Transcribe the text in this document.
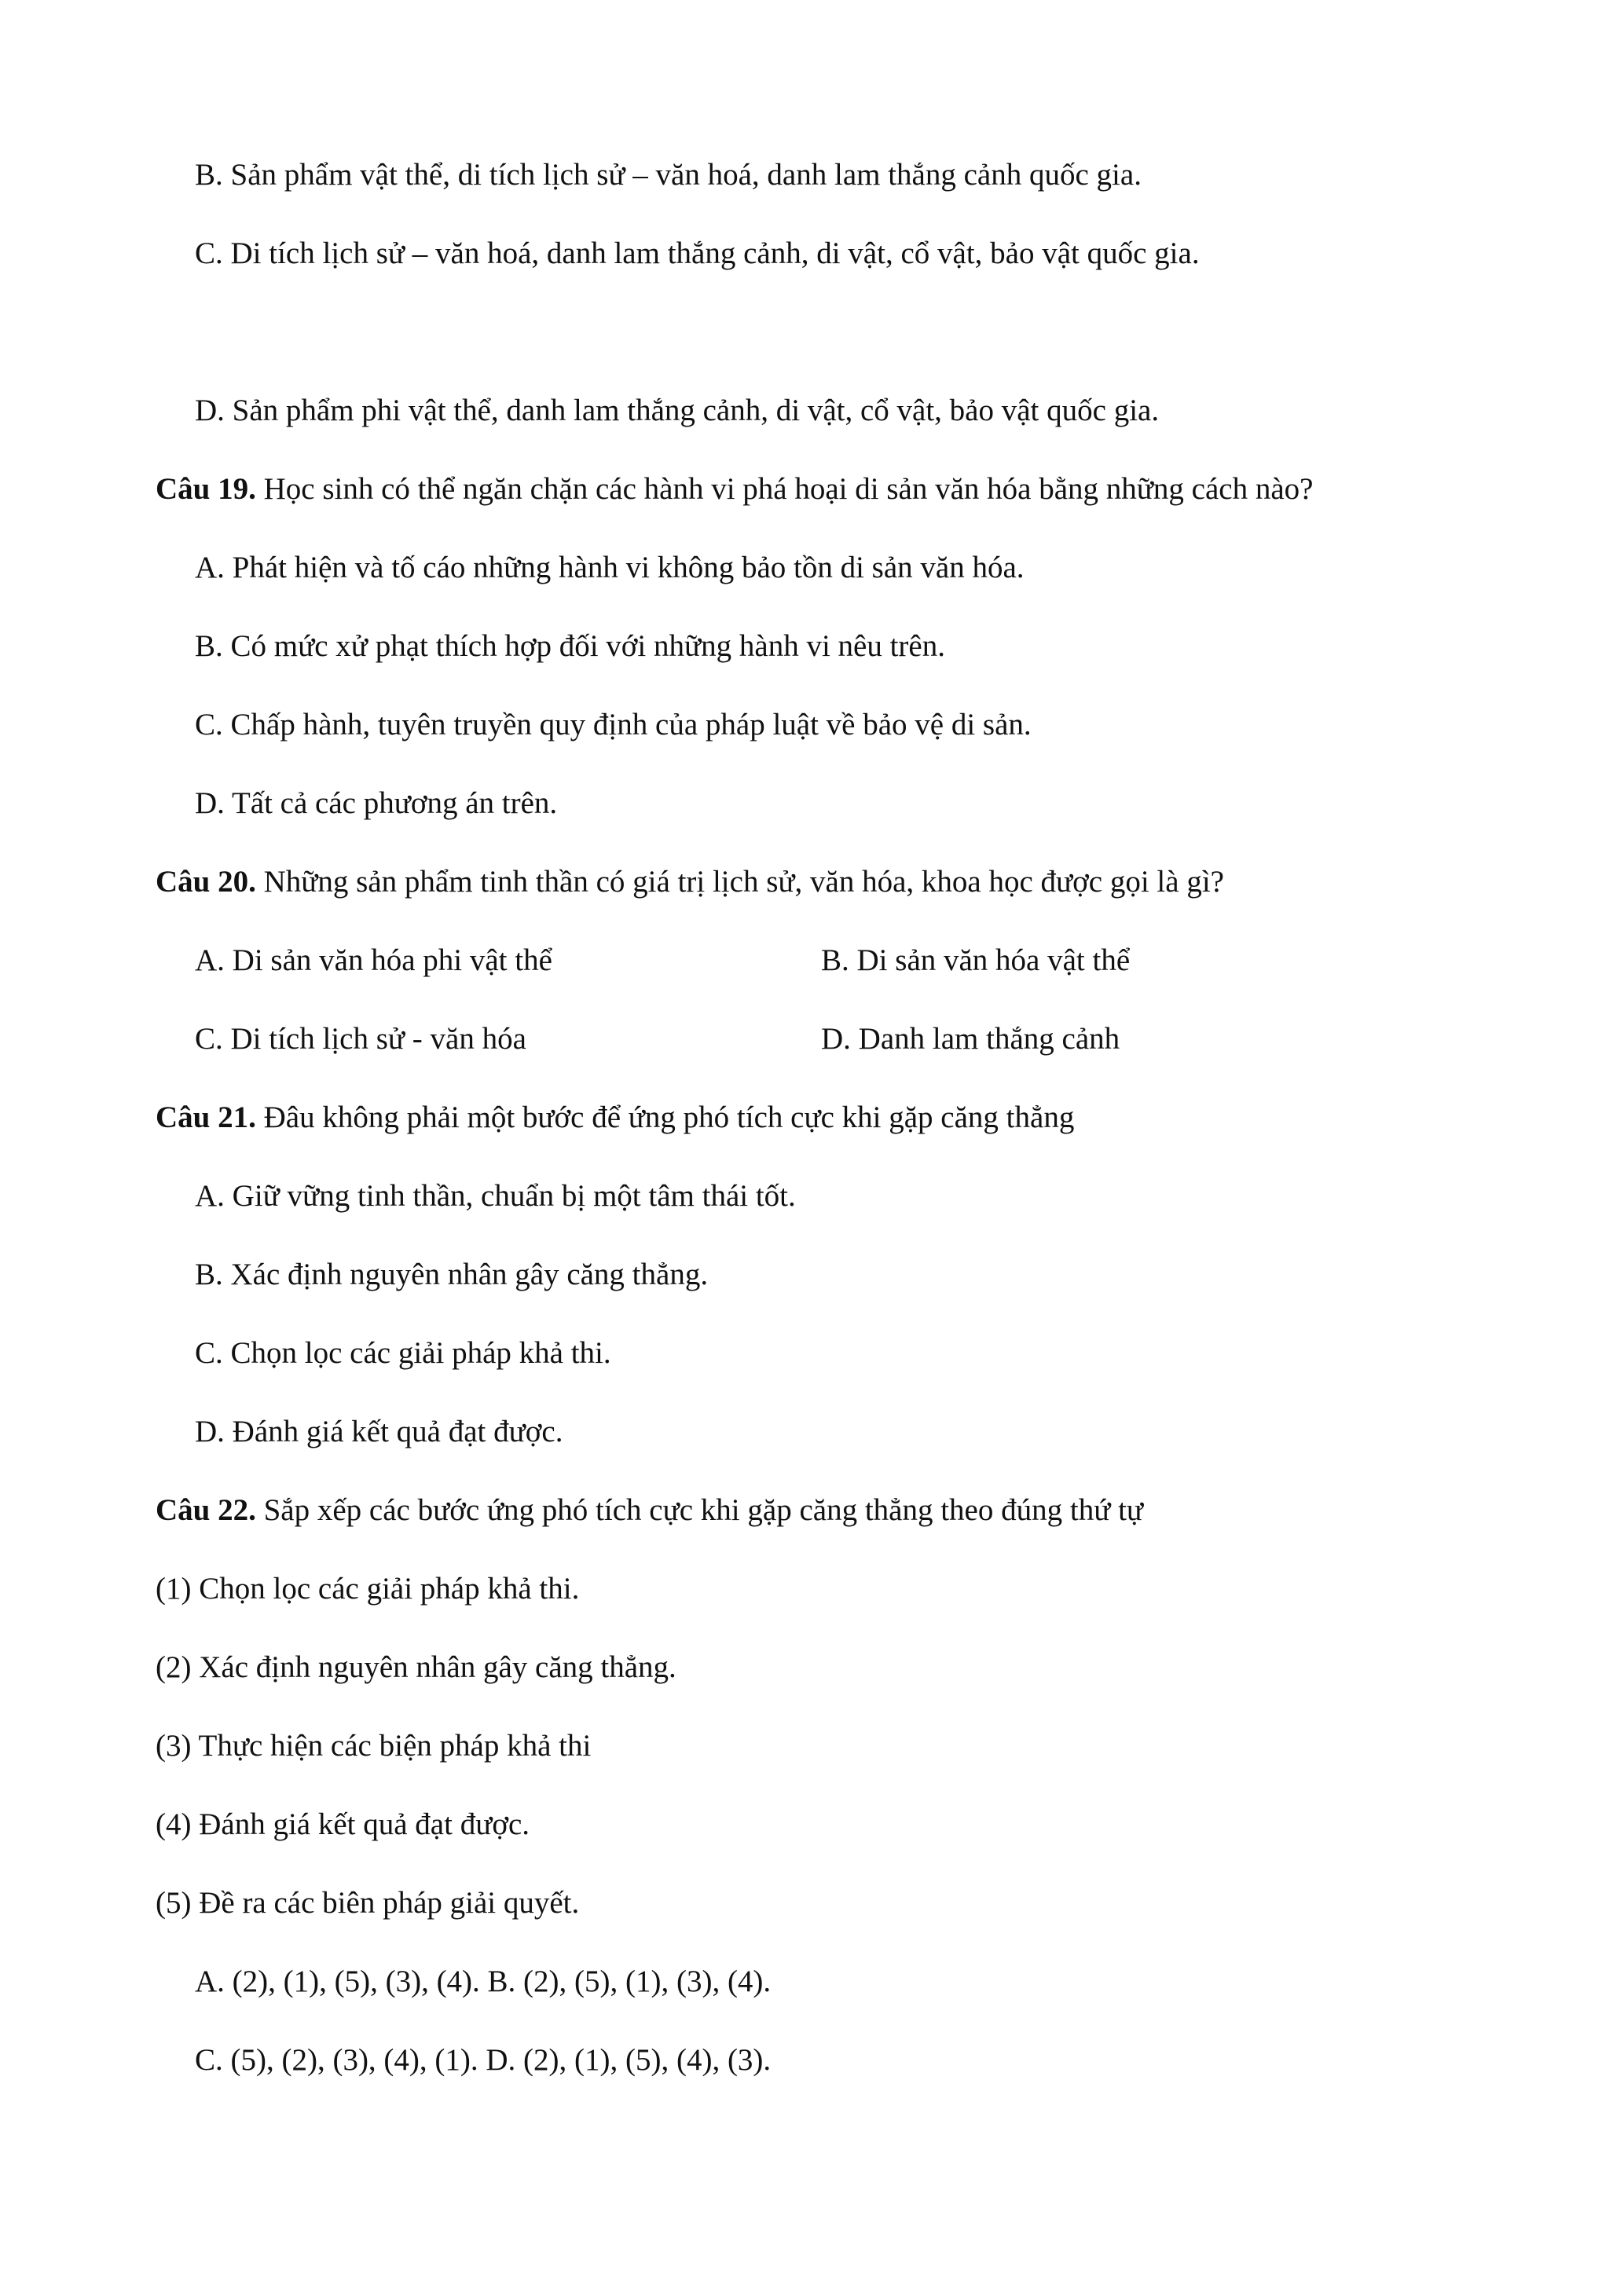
B. Sản phẩm vật thể, di tích lịch sử – văn hoá, danh lam thắng cảnh quốc gia.
C. Di tích lịch sử – văn hoá, danh lam thắng cảnh, di vật, cổ vật, bảo vật quốc gia.
D. Sản phẩm phi vật thể, danh lam thắng cảnh, di vật, cổ vật, bảo vật quốc gia.
Câu 19. Học sinh có thể ngăn chặn các hành vi phá hoại di sản văn hóa bằng những cách nào?
A. Phát hiện và tố cáo những hành vi không bảo tồn di sản văn hóa.
B. Có mức xử phạt thích hợp đối với những hành vi nêu trên.
C. Chấp hành, tuyên truyền quy định của pháp luật về bảo vệ di sản.
D. Tất cả các phương án trên.
Câu 20. Những sản phẩm tinh thần có giá trị lịch sử, văn hóa, khoa học được gọi là gì?
A. Di sản văn hóa phi vật thể	B. Di sản văn hóa vật thể
C. Di tích lịch sử - văn hóa	D. Danh lam thắng cảnh
Câu 21. Đâu không phải một bước để ứng phó tích cực khi gặp căng thẳng
A. Giữ vững tinh thần, chuẩn bị một tâm thái tốt.
B. Xác định nguyên nhân gây căng thẳng.
C. Chọn lọc các giải pháp khả thi.
D. Đánh giá kết quả đạt được.
Câu 22. Sắp xếp các bước ứng phó tích cực khi gặp căng thẳng theo đúng thứ tự
(1) Chọn lọc các giải pháp khả thi.
(2) Xác định nguyên nhân gây căng thẳng.
(3) Thực hiện các biện pháp khả thi
(4) Đánh giá kết quả đạt được.
(5) Đề ra các biên pháp giải quyết.
A. (2), (1), (5), (3), (4). B. (2), (5), (1), (3), (4).
C. (5), (2), (3), (4), (1). D. (2), (1), (5), (4), (3).
